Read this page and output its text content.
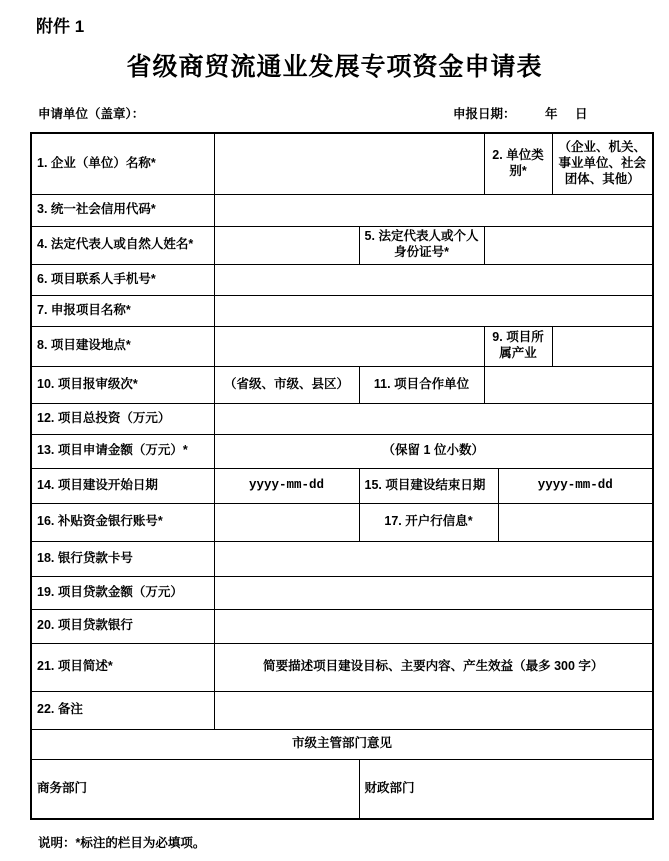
附件 1
省级商贸流通业发展专项资金申请表
申请单位（盖章）：	申报日期： 年 日
1. 企业（单位）名称*			2. 单位类别*		（企业、机关、事业单位、社会团体、其他）
3. 统一社会信用代码*					
4. 法定代表人或自然人姓名*		5. 法定代表人或个人身份证号*			
6. 项目联系人手机号*					
7. 申报项目名称*					
8. 项目建设地点*			9. 项目所属产业		
10. 项目报审级次*	（省级、市级、县区）	11. 项目合作单位			
12. 项目总投资（万元）					
13. 项目申请金额（万元）*	（保留 1 位小数）				
14. 项目建设开始日期	yyyy-mm-dd	15. 项目建设结束日期		yyyy-mm-dd	
16. 补贴资金银行账号*		17. 开户行信息*			
18. 银行贷款卡号					
19. 项目贷款金额（万元）					
20. 项目贷款银行					
21. 项目简述*	简要描述项目建设目标、主要内容、产生效益（最多 300 字）				
22. 备注					
市级主管部门意见					
商务部门		财政部门			
说明：*标注的栏目为必填项。
